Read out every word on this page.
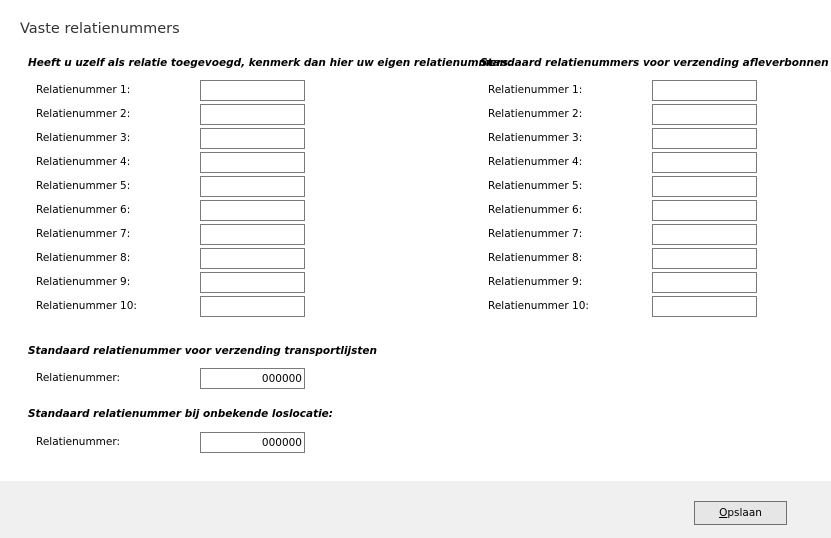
Vaste relatienummers
Heeft u uzelf als relatie toegevoegd, kenmerk dan hier uw eigen relatienummers:
Relatienummer 1:
Relatienummer 2:
Relatienummer 3:
Relatienummer 4:
Relatienummer 5:
Relatienummer 6:
Relatienummer 7:
Relatienummer 8:
Relatienummer 9:
Relatienummer 10:
Standaard relatienummers voor verzending afleverbonnen
Relatienummer 1:
Relatienummer 2:
Relatienummer 3:
Relatienummer 4:
Relatienummer 5:
Relatienummer 6:
Relatienummer 7:
Relatienummer 8:
Relatienummer 9:
Relatienummer 10:
Standaard relatienummer voor verzending transportlijsten
Relatienummer:
000000
Standaard relatienummer bij onbekende loslocatie:
Relatienummer:
000000
Opslaan
